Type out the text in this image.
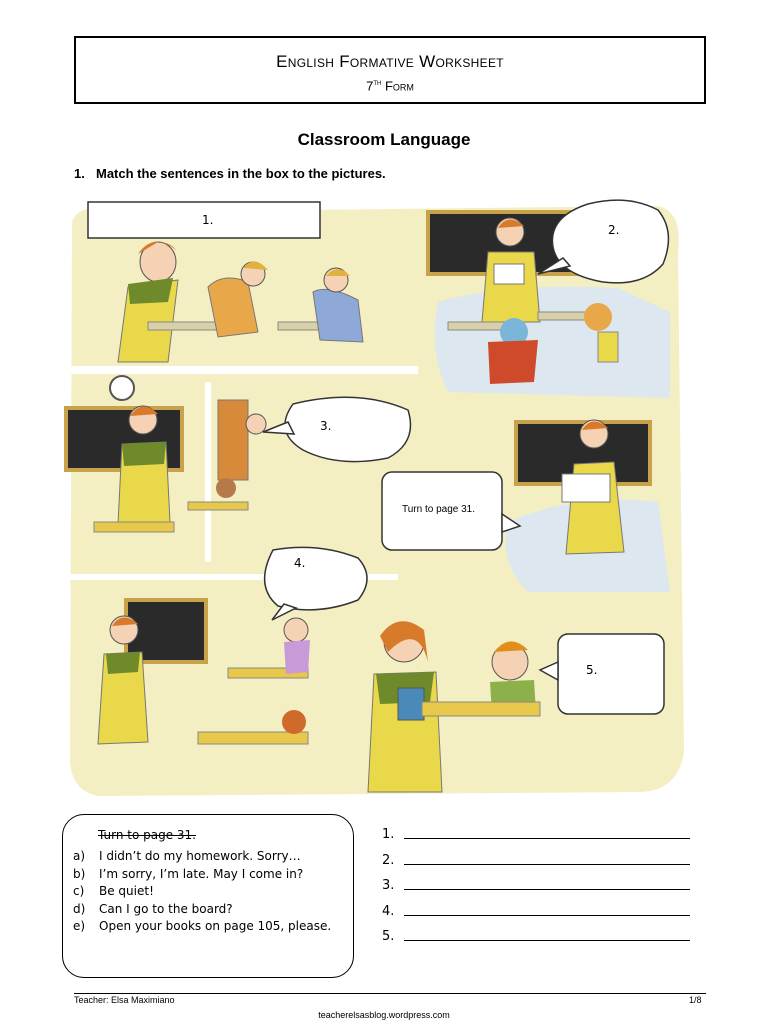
English Formative Worksheet
7th Form
Classroom Language
1. Match the sentences in the box to the pictures.
1.
2.
3.
Turn to page 31.
4.
5.
Turn to page 31.
a) I didn’t do my homework. Sorry…
b) I’m sorry, I’m late. May I come in?
c) Be quiet!
d) Can I go to the board?
e) Open your books on page 105, please.
1.
2.
3.
4.
5.
Teacher: Elsa Maximiano	1/8
teacherelsasblog.wordpress.com
